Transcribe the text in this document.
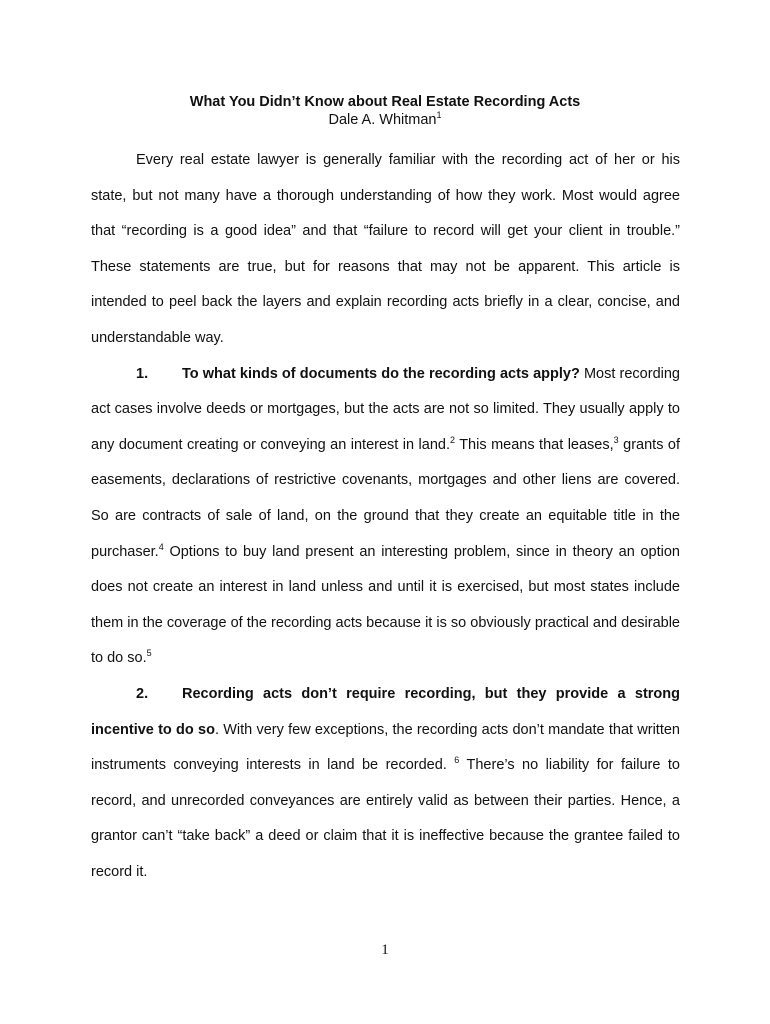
What You Didn’t Know about Real Estate Recording Acts

Dale A. Whitman$^1$

Every real estate lawyer is generally familiar with the recording act of her or his state, but not many have a thorough understanding of how they work. Most would agree that “recording is a good idea” and that “failure to record will get your client in trouble.” These statements are true, but for reasons that may not be apparent. This article is intended to peel back the layers and explain recording acts briefly in a clear, concise, and understandable way.

1. To what kinds of documents do the recording acts apply? Most recording act cases involve deeds or mortgages, but the acts are not so limited. They usually apply to any document creating or conveying an interest in land.$^2$ This means that leases,$^3$ grants of easements, declarations of restrictive covenants, mortgages and other liens are covered. So are contracts of sale of land, on the ground that they create an equitable title in the purchaser.$^4$ Options to buy land present an interesting problem, since in theory an option does not create an interest in land unless and until it is exercised, but most states include them in the coverage of the recording acts because it is so obviously practical and desirable to do so.$^5$

2. Recording acts don’t require recording, but they provide a strong incentive to do so. With very few exceptions, the recording acts don’t mandate that written instruments conveying interests in land be recorded. $^6$ There’s no liability for failure to record, and unrecorded conveyances are entirely valid as between their parties. Hence, a grantor can’t “take back” a deed or claim that it is ineffective because the grantee failed to record it.

1
